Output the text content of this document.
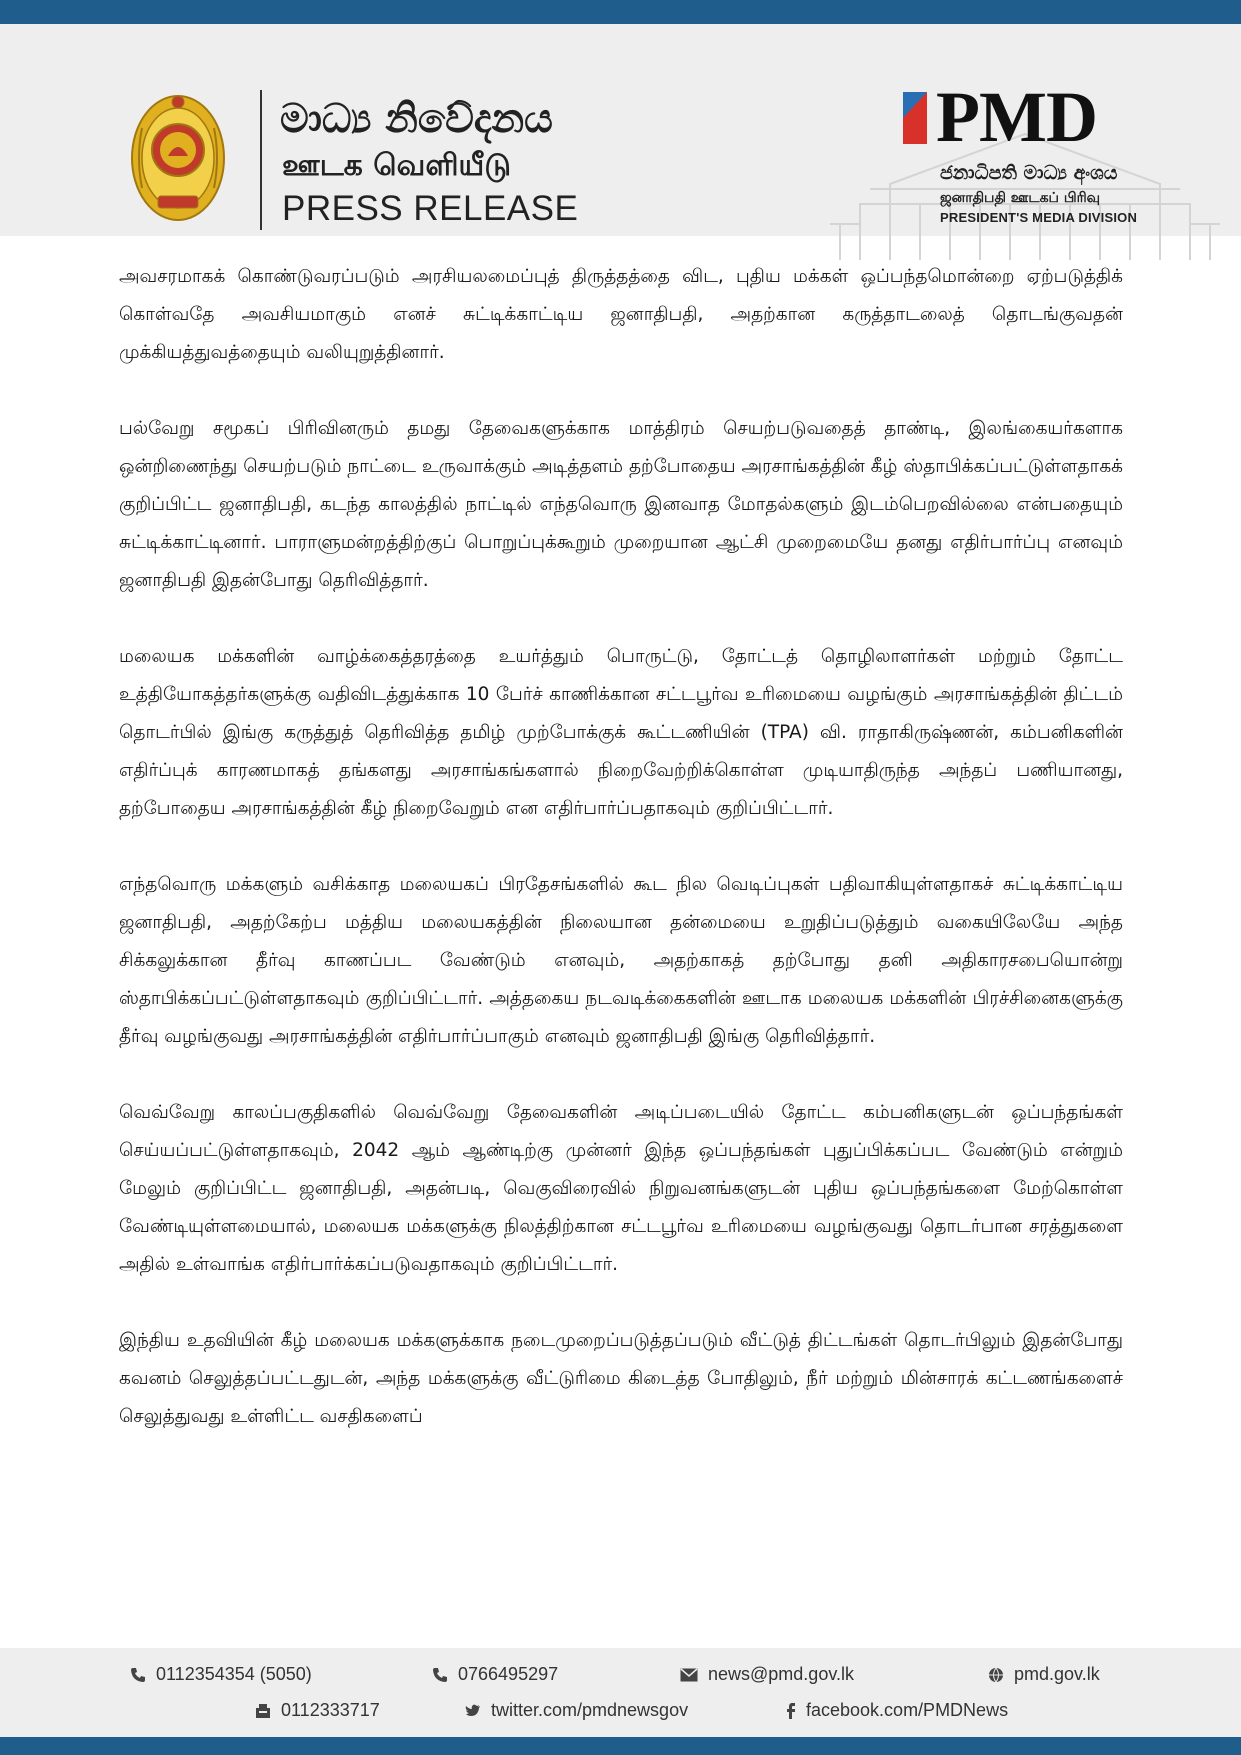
මාධ්‍ය නිවේදනය
ஊடக வெளியீடு
PRESS RELEASE
PMD
ජනාධිපති මාධ්‍ය අංශය
ஜனாதிபதி ஊடகப் பிரிவு
PRESIDENT'S MEDIA DIVISION

அவசரமாகக் கொண்டுவரப்படும் அரசியலமைப்புத் திருத்தத்தை விட, புதிய மக்கள் ஒப்பந்தமொன்றை ஏற்படுத்திக் கொள்வதே அவசியமாகும் எனச் சுட்டிக்காட்டிய ஜனாதிபதி, அதற்கான கருத்தாடலைத் தொடங்குவதன் முக்கியத்துவத்தையும் வலியுறுத்தினார்.

பல்வேறு சமூகப் பிரிவினரும் தமது தேவைகளுக்காக மாத்திரம் செயற்படுவதைத் தாண்டி, இலங்கையர்களாக ஒன்றிணைந்து செயற்படும் நாட்டை உருவாக்கும் அடித்தளம் தற்போதைய அரசாங்கத்தின் கீழ் ஸ்தாபிக்கப்பட்டுள்ளதாகக் குறிப்பிட்ட ஜனாதிபதி, கடந்த காலத்தில் நாட்டில் எந்தவொரு இனவாத மோதல்களும் இடம்பெறவில்லை என்பதையும் சுட்டிக்காட்டினார். பாராளுமன்றத்திற்குப் பொறுப்புக்கூறும் முறையான ஆட்சி முறைமையே தனது எதிர்பார்ப்பு எனவும் ஜனாதிபதி இதன்போது தெரிவித்தார்.

மலையக மக்களின் வாழ்க்கைத்தரத்தை உயர்த்தும் பொருட்டு, தோட்டத் தொழிலாளர்கள் மற்றும் தோட்ட உத்தியோகத்தர்களுக்கு வதிவிடத்துக்காக 10 பேர்ச் காணிக்கான சட்டபூர்வ உரிமையை வழங்கும் அரசாங்கத்தின் திட்டம் தொடர்பில் இங்கு கருத்துத் தெரிவித்த தமிழ் முற்போக்குக் கூட்டணியின் (TPA) வி. ராதாகிருஷ்ணன், கம்பனிகளின் எதிர்ப்புக் காரணமாகத் தங்களது அரசாங்கங்களால் நிறைவேற்றிக்கொள்ள முடியாதிருந்த அந்தப் பணியானது, தற்போதைய அரசாங்கத்தின் கீழ் நிறைவேறும் என எதிர்பார்ப்பதாகவும் குறிப்பிட்டார்.

எந்தவொரு மக்களும் வசிக்காத மலையகப் பிரதேசங்களில் கூட நில வெடிப்புகள் பதிவாகியுள்ளதாகச் சுட்டிக்காட்டிய ஜனாதிபதி, அதற்கேற்ப மத்திய மலையகத்தின் நிலையான தன்மையை உறுதிப்படுத்தும் வகையிலேயே அந்த சிக்கலுக்கான தீர்வு காணப்பட வேண்டும் எனவும், அதற்காகத் தற்போது தனி அதிகாரசபையொன்று ஸ்தாபிக்கப்பட்டுள்ளதாகவும் குறிப்பிட்டார். அத்தகைய நடவடிக்கைகளின் ஊடாக மலையக மக்களின் பிரச்சினைகளுக்கு தீர்வு வழங்குவது அரசாங்கத்தின் எதிர்பார்ப்பாகும் எனவும் ஜனாதிபதி இங்கு தெரிவித்தார்.

வெவ்வேறு காலப்பகுதிகளில் வெவ்வேறு தேவைகளின் அடிப்படையில் தோட்ட கம்பனிகளுடன் ஒப்பந்தங்கள் செய்யப்பட்டுள்ளதாகவும், 2042 ஆம் ஆண்டிற்கு முன்னர் இந்த ஒப்பந்தங்கள் புதுப்பிக்கப்பட வேண்டும் என்றும் மேலும் குறிப்பிட்ட ஜனாதிபதி, அதன்படி, வெகுவிரைவில் நிறுவனங்களுடன் புதிய ஒப்பந்தங்களை மேற்கொள்ள வேண்டியுள்ளமையால், மலையக மக்களுக்கு நிலத்திற்கான சட்டபூர்வ உரிமையை வழங்குவது தொடர்பான சரத்துகளை அதில் உள்வாங்க எதிர்பார்க்கப்படுவதாகவும் குறிப்பிட்டார்.

இந்திய உதவியின் கீழ் மலையக மக்களுக்காக நடைமுறைப்படுத்தப்படும் வீட்டுத் திட்டங்கள் தொடர்பிலும் இதன்போது கவனம் செலுத்தப்பட்டதுடன், அந்த மக்களுக்கு வீட்டுரிமை கிடைத்த போதிலும், நீர் மற்றும் மின்சாரக் கட்டணங்களைச் செலுத்துவது உள்ளிட்ட வசதிகளைப்

0112354354 (5050)	0766495297	news@pmd.gov.lk	pmd.gov.lk
0112333717	twitter.com/pmdnewsgov	facebook.com/PMDNews
